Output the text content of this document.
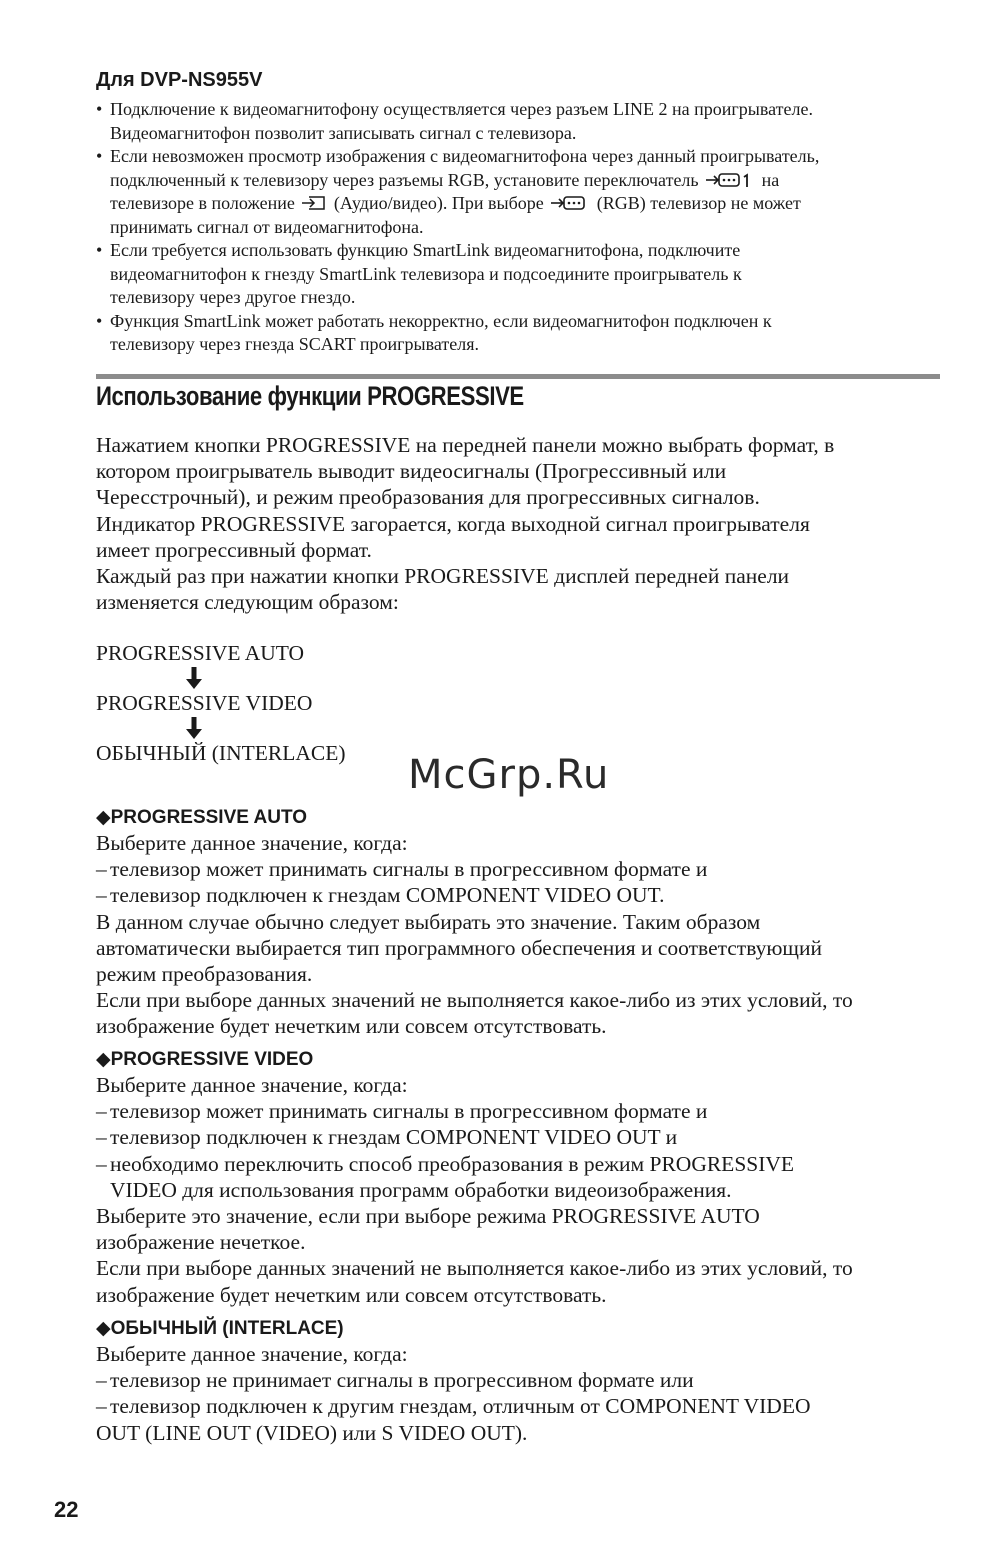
Для DVP-NS955V
• Подключение к видеомагнитофону осуществляется через разъем LINE 2 на проигрывателе.
Видеомагнитофон позволит записывать сигнал с телевизора.
• Если невозможен просмотр изображения с видеомагнитофона через данный проигрыватель,
подключенный к телевизору через разъемы RGB, установите переключатель	на
телевизоре в положение (Аудио/видео). При выборе	(RGB) телевизор не может
принимать сигнал от видеомагнитофона.
• Если требуется использовать функцию SmartLink видеомагнитофона, подключите
видеомагнитофон к гнезду SmartLink телевизора и подсоедините проигрыватель к
телевизору через другое гнездо.
• Функция SmartLink может работать некорректно, если видеомагнитофон подключен к
телевизору через гнезда SCART проигрывателя.
Использование функции PROGRESSIVE
Нажатием кнопки PROGRESSIVE на передней панели можно выбрать формат, в
котором проигрыватель выводит видеосигналы (Прогрессивный или
Чересстрочный), и режим преобразования для прогрессивных сигналов.
Индикатор PROGRESSIVE загорается, когда выходной сигнал проигрывателя
имеет прогрессивный формат.
Каждый раз при нажатии кнопки PROGRESSIVE дисплей передней панели
изменяется следующим образом:
PROGRESSIVE AUTO
PROGRESSIVE VIDEO
ОБЫЧНЫЙ (INTERLACE) McGrp.Ru
◆PROGRESSIVE AUTO
Выберите данное значение, когда:
– телевизор может принимать сигналы в прогрессивном формате и
– телевизор подключен к гнездам COMPONENT VIDEO OUT.
В данном случае обычно следует выбирать это значение. Таким образом
автоматически выбирается тип программного обеспечения и соответствующий
режим преобразования.
Если при выборе данных значений не выполняется какое-либо из этих условий, то
изображение будет нечетким или совсем отсутствовать.
◆PROGRESSIVE VIDEO
Выберите данное значение, когда:
– телевизор может принимать сигналы в прогрессивном формате и
– телевизор подключен к гнездам COMPONENT VIDEO OUT и
– необходимо переключить способ преобразования в режим PROGRESSIVE
VIDEO для использования программ обработки видеоизображения.
Выберите это значение, если при выборе режима PROGRESSIVE AUTO
изображение нечеткое.
Если при выборе данных значений не выполняется какое-либо из этих условий, то
изображение будет нечетким или совсем отсутствовать.
◆ОБЫЧНЫЙ (INTERLACE)
Выберите данное значение, когда:
– телевизор не принимает сигналы в прогрессивном формате или
– телевизор подключен к другим гнездам, отличным от COMPONENT VIDEO
OUT (LINE OUT (VIDEO) или S VIDEO OUT).
22
